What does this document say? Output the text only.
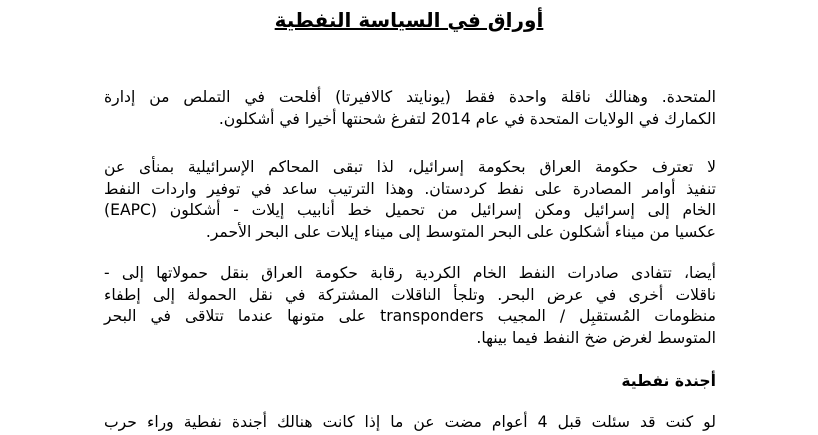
أوراق في السياسة النفطية

المتحدة. وهنالك ناقلة واحدة فقط (يونايتد كالافيرتا) أفلحت في التملص من إدارة
الكمارك في الولايات المتحدة في عام 2014 لتفرغ شحنتها أخيرا في أشكلون.

لا تعترف حكومة العراق بحكومة إسرائيل، لذا تبقى المحاكم الإسرائيلية بمنأى عن
تنفيذ أوامر المصادرة على نفط كردستان. وهذا الترتيب ساعد في توفير واردات النفط
الخام إلى إسرائيل ومكن إسرائيل من تحميل خط أنابيب إيلات - أشكلون (EAPC)
عكسيا من ميناء أشكلون على البحر المتوسط إلى ميناء إيلات على البحر الأحمر.

أيضا، تتفادى صادرات النفط الخام الكردية رقابة حكومة العراق بنقل حمولاتها إلى -
ناقلات أخرى في عرض البحر. وتلجأ الناقلات المشتركة في نقل الحمولة إلى إطفاء
منظومات المُستقبِل / المجيب transponders على متونها عندما تتلاقى في البحر
المتوسط لغرض ضخ النفط فيما بينها.

أجندة نفطية

لو كنت قد سئلت قبل 4 أعوام مضت عن ما إذا كانت هنالك أجندة نفطية وراء حرب
